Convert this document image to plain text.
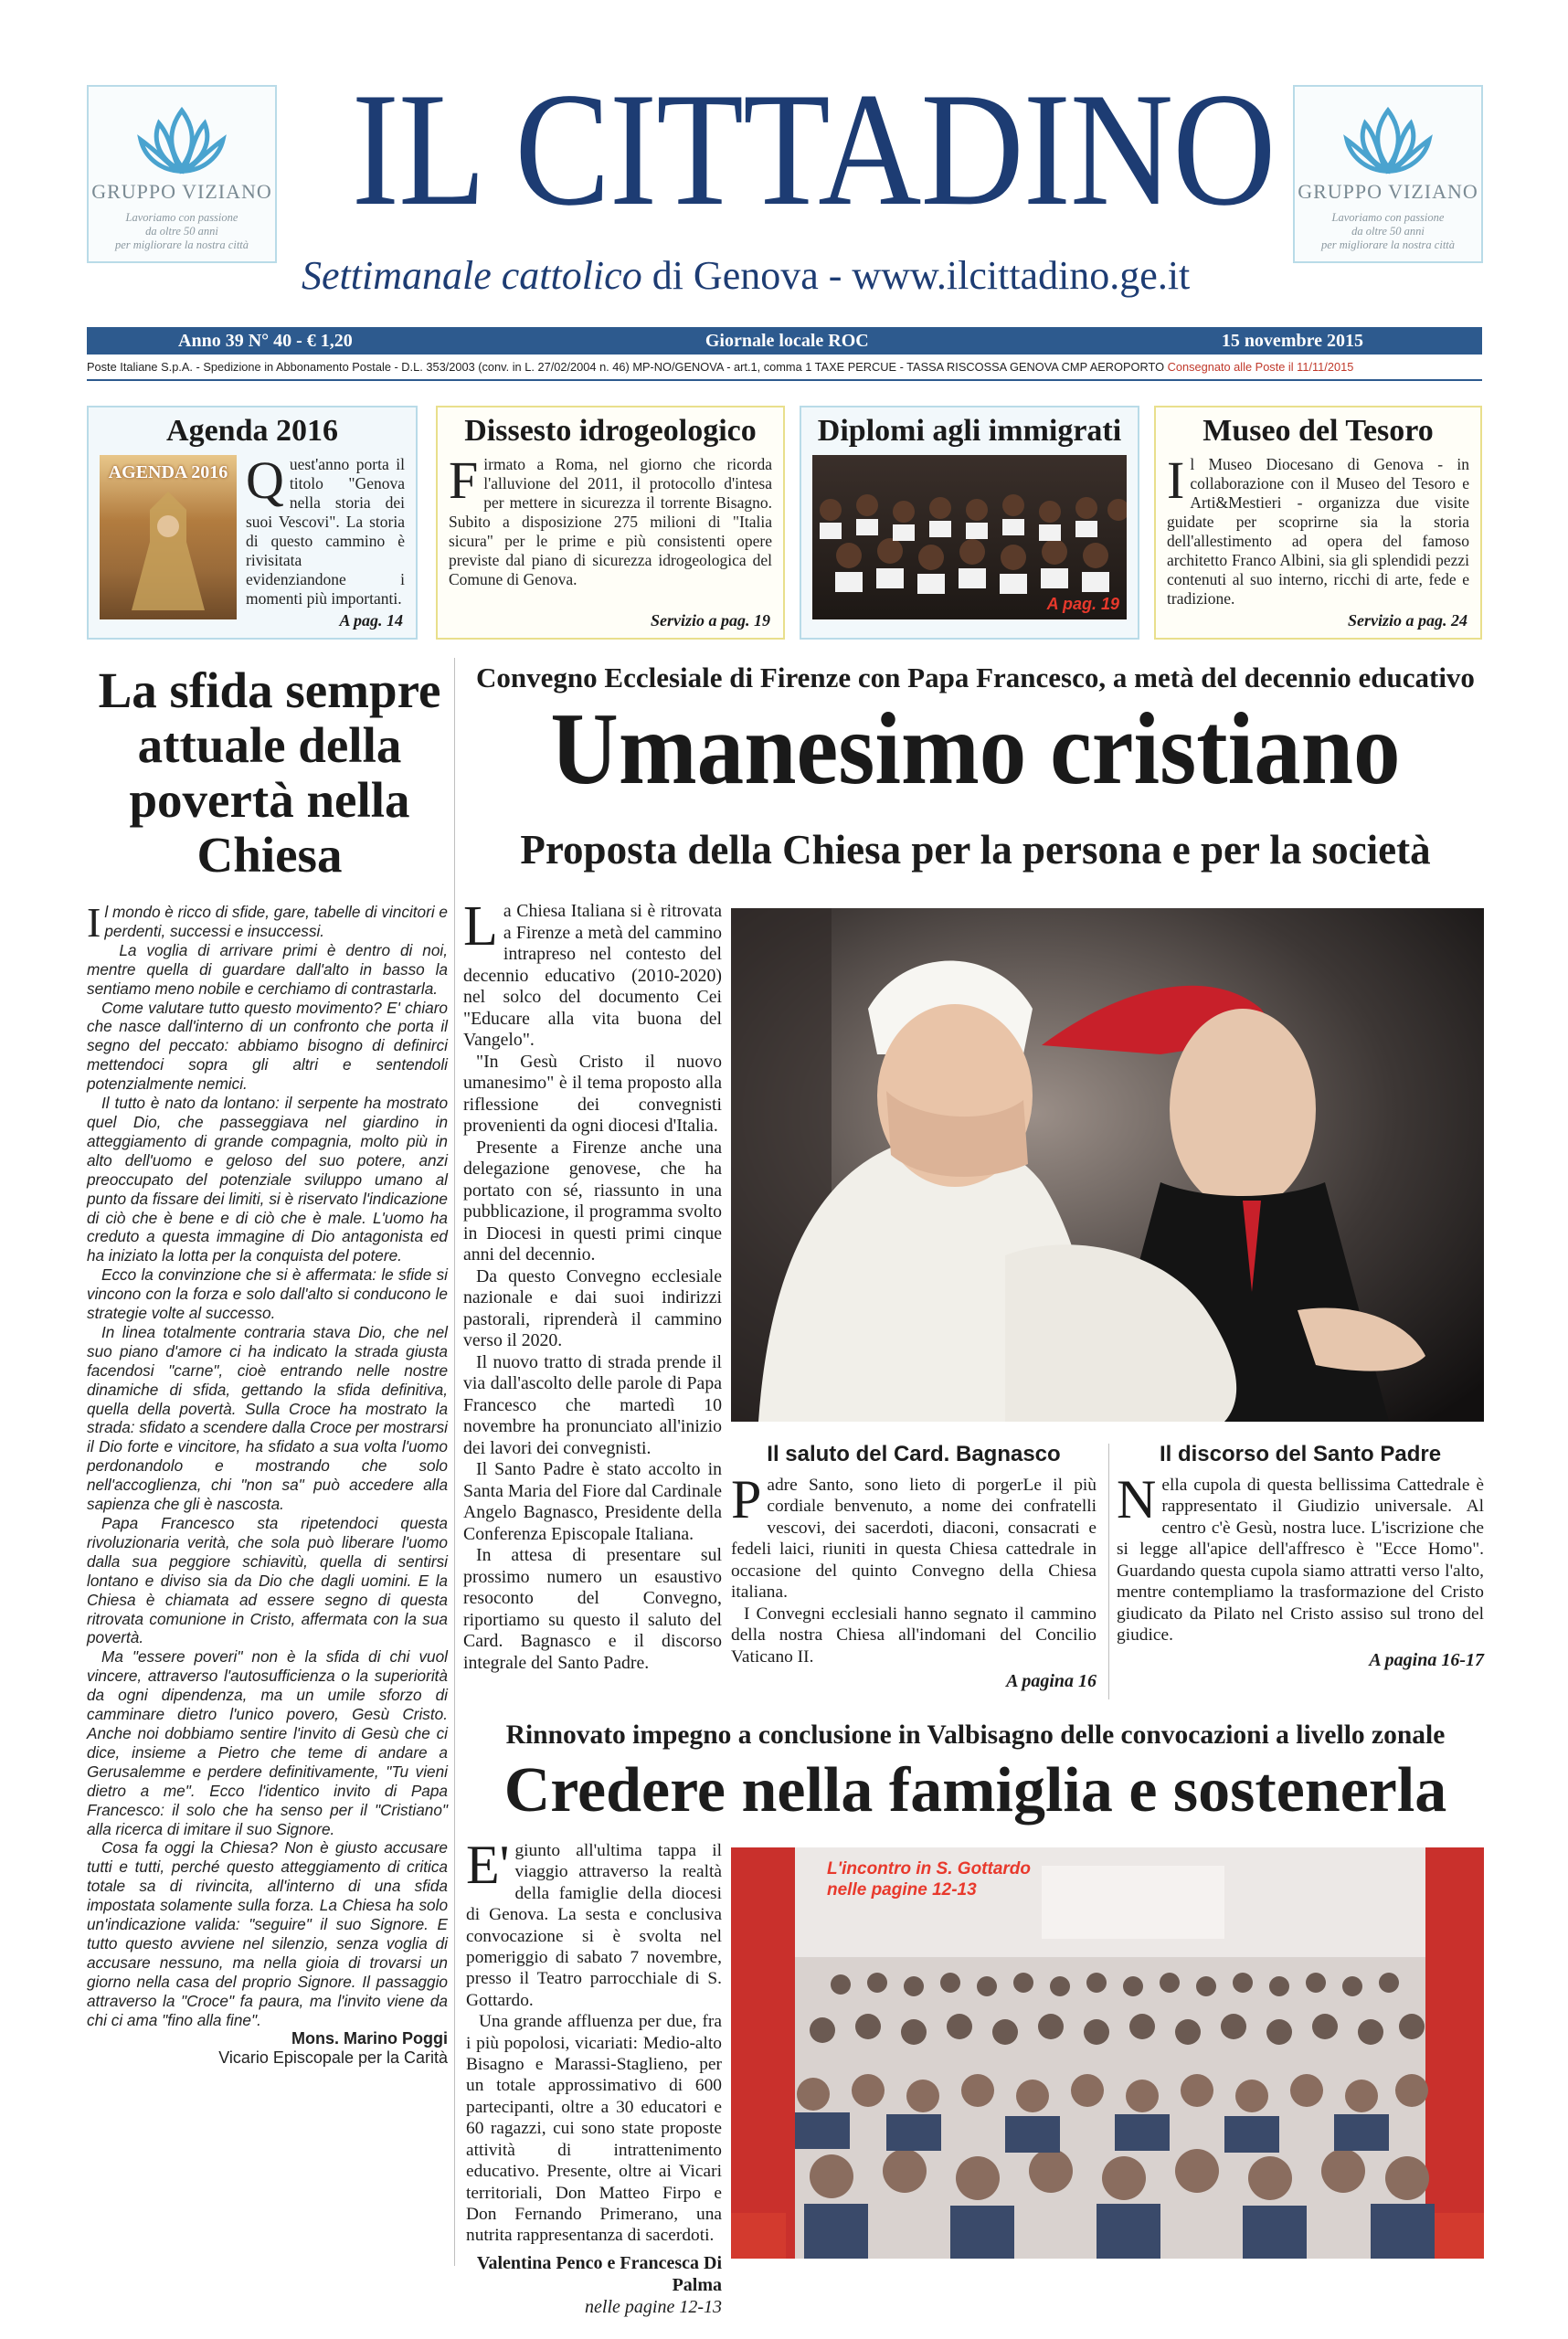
GRUPPO VIZIANO
Lavoriamo con passione
da oltre 50 anni
per migliorare la nostra città
GRUPPO VIZIANO
Lavoriamo con passione
da oltre 50 anni
per migliorare la nostra città
IL CITTADINO
Settimanale cattolico di Genova - www.ilcittadino.ge.it
Anno 39 N° 40 - € 1,20	Giornale locale ROC	15 novembre 2015
Poste Italiane S.p.A. - Spedizione in Abbonamento Postale - D.L. 353/2003 (conv. in L. 27/02/2004 n. 46) MP-NO/GENOVA - art.1, comma 1 TAXE PERCUE - TASSA RISCOSSA GENOVA CMP AEROPORTO Consegnato alle Poste il 11/11/2015
Agenda 2016
AGENDA 2016 Quest'anno porta il titolo "Genova nella storia dei suoi Vescovi". La storia di questo cammino è rivisitata evidenziandone i momenti più importanti.
A pag. 14
Dissesto idrogeologico
Firmato a Roma, nel giorno che ricorda l'alluvione del 2011, il protocollo d'intesa per mettere in sicurezza il torrente Bisagno. Subito a disposizione 275 milioni di "Italia sicura" per le prime e più consistenti opere previste dal piano di sicurezza idrogeologica del Comune di Genova.
Servizio a pag. 19
Diplomi agli immigrati
A pag. 19
Museo del Tesoro
Il Museo Diocesano di Genova - in collaborazione con il Museo del Tesoro e Arti&Mestieri - organizza due visite guidate per scoprirne sia la storia dell'allestimento ad opera del famoso architetto Franco Albini, sia gli splendidi pezzi contenuti al suo interno, ricchi di arte, fede e tradizione.
Servizio a pag. 24
La sfida sempre attuale della povertà nella Chiesa

Il mondo è ricco di sfide, gare, tabelle di vincitori e perdenti, successi e insuccessi.

La voglia di arrivare primi è dentro di noi, mentre quella di guardare dall'alto in basso la sentiamo meno nobile e cerchiamo di contrastarla.

Come valutare tutto questo movimento? E' chiaro che nasce dall'interno di un confronto che porta il segno del peccato: abbiamo bisogno di definirci mettendoci sopra gli altri e sentendoli potenzialmente nemici.

Il tutto è nato da lontano: il serpente ha mostrato quel Dio, che passeggiava nel giardino in atteggiamento di grande compagnia, molto più in alto dell'uomo e geloso del suo potere, anzi preoccupato del potenziale sviluppo umano al punto da fissare dei limiti, si è riservato l'indicazione di ciò che è bene e di ciò che è male. L'uomo ha creduto a questa immagine di Dio antagonista ed ha iniziato la lotta per la conquista del potere.

Ecco la convinzione che si è affermata: le sfide si vincono con la forza e solo dall'alto si conducono le strategie volte al successo.

In linea totalmente contraria stava Dio, che nel suo piano d'amore ci ha indicato la strada giusta facendosi "carne", cioè entrando nelle nostre dinamiche di sfida, gettando la sfida definitiva, quella della povertà. Sulla Croce ha mostrato la strada: sfidato a scendere dalla Croce per mostrarsi il Dio forte e vincitore, ha sfidato a sua volta l'uomo perdonandolo e mostrando che solo nell'accoglienza, chi "non sa" può accedere alla sapienza che gli è nascosta.

Papa Francesco sta ripetendoci questa rivoluzionaria verità, che sola può liberare l'uomo dalla sua peggiore schiavitù, quella di sentirsi lontano e diviso sia da Dio che dagli uomini. E la Chiesa è chiamata ad essere segno di questa ritrovata comunione in Cristo, affermata con la sua povertà.

Ma "essere poveri" non è la sfida di chi vuol vincere, attraverso l'autosufficienza o la superiorità da ogni dipendenza, ma un umile sforzo di camminare dietro l'unico povero, Gesù Cristo. Anche noi dobbiamo sentire l'invito di Gesù che ci dice, insieme a Pietro che teme di andare a Gerusalemme e perdere definitivamente, "Tu vieni dietro a me". Ecco l'identico invito di Papa Francesco: il solo che ha senso per il "Cristiano" alla ricerca di imitare il suo Signore.

Cosa fa oggi la Chiesa? Non è giusto accusare tutti e tutti, perché questo atteggiamento di critica totale sa di rivincita, all'interno di una sfida impostata solamente sulla forza. La Chiesa ha solo un'indicazione valida: "seguire" il suo Signore. E tutto questo avviene nel silenzio, senza voglia di accusare nessuno, ma nella gioia di trovarsi un giorno nella casa del proprio Signore. Il passaggio attraverso la "Croce" fa paura, ma l'invito viene da chi ci ama "fino alla fine".

Mons. Marino Poggi
Vicario Episcopale per la Carità
Convegno Ecclesiale di Firenze con Papa Francesco, a metà del decennio educativo
Umanesimo cristiano
Proposta della Chiesa per la persona e per la società

La Chiesa Italiana si è ritrovata a Firenze a metà del cammino intrapreso nel contesto del decennio educativo (2010-2020) nel solco del documento Cei "Educare alla vita buona del Vangelo".

"In Gesù Cristo il nuovo umanesimo" è il tema proposto alla riflessione dei convegnisti provenienti da ogni diocesi d'Italia.

Presente a Firenze anche una delegazione genovese, che ha portato con sé, riassunto in una pubblicazione, il programma svolto in Diocesi in questi primi cinque anni del decennio.

Da questo Convegno ecclesiale nazionale e dai suoi indirizzi pastorali, riprenderà il cammino verso il 2020.

Il nuovo tratto di strada prende il via dall'ascolto delle parole di Papa Francesco che martedì 10 novembre ha pronunciato all'inizio dei lavori dei convegnisti.

Il Santo Padre è stato accolto in Santa Maria del Fiore dal Cardinale Angelo Bagnasco, Presidente della Conferenza Episcopale Italiana.

In attesa di presentare sul prossimo numero un esaustivo resoconto del Convegno, riportiamo su questo il saluto del Card. Bagnasco e il discorso integrale del Santo Padre.

Il saluto del Card. Bagnasco

Padre Santo, sono lieto di porgerLe il più cordiale benvenuto, a nome dei confratelli vescovi, dei sacerdoti, diaconi, consacrati e fedeli laici, riuniti in questa Chiesa cattedrale in occasione del quinto Convegno della Chiesa italiana.

I Convegni ecclesiali hanno segnato il cammino della nostra Chiesa all'indomani del Concilio Vaticano II.

A pagina 16
Il discorso del Santo Padre

Nella cupola di questa bellissima Cattedrale è rappresentato il Giudizio universale. Al centro c'è Gesù, nostra luce. L'iscrizione che si legge all'apice dell'affresco è "Ecce Homo". Guardando questa cupola siamo attratti verso l'alto, mentre contempliamo la trasformazione del Cristo giudicato da Pilato nel Cristo assiso sul trono del giudice.

A pagina 16-17
Rinnovato impegno a conclusione in Valbisagno delle convocazioni a livello zonale
Credere nella famiglia e sostenerla

E' giunto all'ultima tappa il viaggio attraverso la realtà della famiglie della diocesi di Genova. La sesta e conclusiva convocazione si è svolta nel pomeriggio di sabato 7 novembre, presso il Teatro parrocchiale di S. Gottardo.

Una grande affluenza per due, fra i più popolosi, vicariati: Medio-alto Bisagno e Marassi-Staglieno, per un totale approssimativo di 600 partecipanti, oltre a 30 educatori e 60 ragazzi, cui sono state proposte attività di intrattenimento educativo. Presente, oltre ai Vicari territoriali, Don Matteo Firpo e Don Fernando Primerano, una nutrita rappresentanza di sacerdoti.

Valentina Penco e Francesca Di Palma
nelle pagine 12-13
L'incontro in S. Gottardo
nelle pagine 12-13
